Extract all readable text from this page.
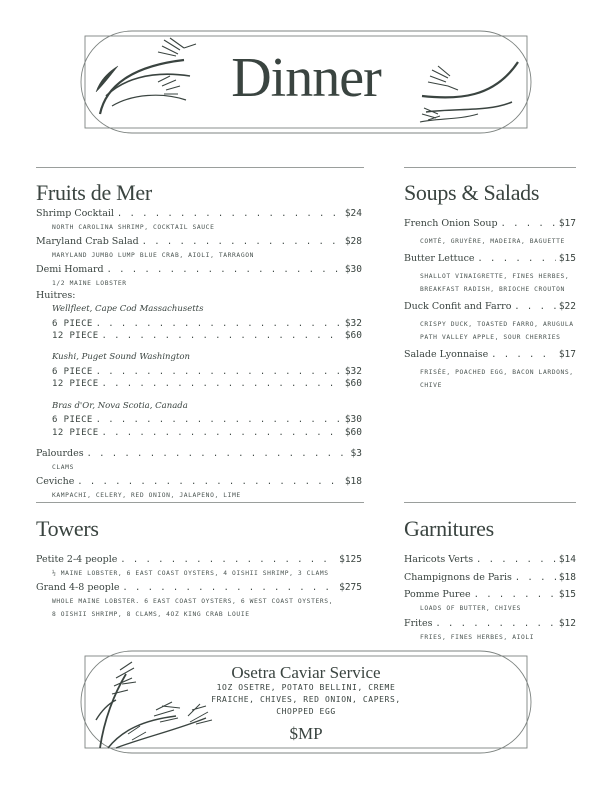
Dinner
Fruits de Mer
Shrimp Cocktail . . .	$24
NORTH CAROLINA SHRIMP, COCKTAIL SAUCE
Maryland Crab Salad . . .	$28
MARYLAND JUMBO LUMP BLUE CRAB, AIOLI, TARRAGON
Demi Homard . . .	$30
1/2 MAINE LOBSTER
Huitres:
Wellfleet, Cape Cod Massachusetts
6 PIECE . . .	$32
12 PIECE . . .	$60
Kushi, Puget Sound Washington
6 PIECE . . .	$32
12 PIECE . . .	$60
Bras d'Or, Nova Scotia, Canada
6 PIECE . . .	$30
12 PIECE . . .	$60
Palourdes . . .	$3
CLAMS
Ceviche . . .	$18
KAMPACHI, CELERY, RED ONION, JALAPENO, LIME
Soups & Salads
French Onion Soup . . .	$17
COMTÉ, GRUYÈRE, MADEIRA, BAGUETTE
Butter Lettuce . . .	$15
SHALLOT VINAIGRETTE, FINES HERBES,
BREAKFAST RADISH, BRIOCHE CROUTON
Duck Confit and Farro . . .	$22
CRISPY DUCK, TOASTED FARRO, ARUGULA
PATH VALLEY APPLE, SOUR CHERRIES
Salade Lyonnaise . . .	$17
FRISÉE, POACHED EGG, BACON LARDONS,
CHIVE
Towers
Petite 2-4 people . . .	$125
½ MAINE LOBSTER, 6 EAST COAST OYSTERS, 4 OISHII SHRIMP, 3 CLAMS
Grand 4-8 people . . .	$275
WHOLE MAINE LOBSTER. 6 EAST COAST OYSTERS, 6 WEST COAST OYSTERS,
8 OISHII SHRIMP, 8 CLAMS, 4OZ KING CRAB LOUIE
Garnitures
Haricots Verts . . .	$14
Champignons de Paris . . .	$18
Pomme Puree . . .	$15
LOADS OF BUTTER, CHIVES
Frites . . .	$12
FRIES, FINES HERBES, AIOLI
Osetra Caviar Service
1OZ OSETRE, POTATO BELLINI, CREME
FRAICHE, CHIVES, RED ONION, CAPERS,
CHOPPED EGG
$MP
